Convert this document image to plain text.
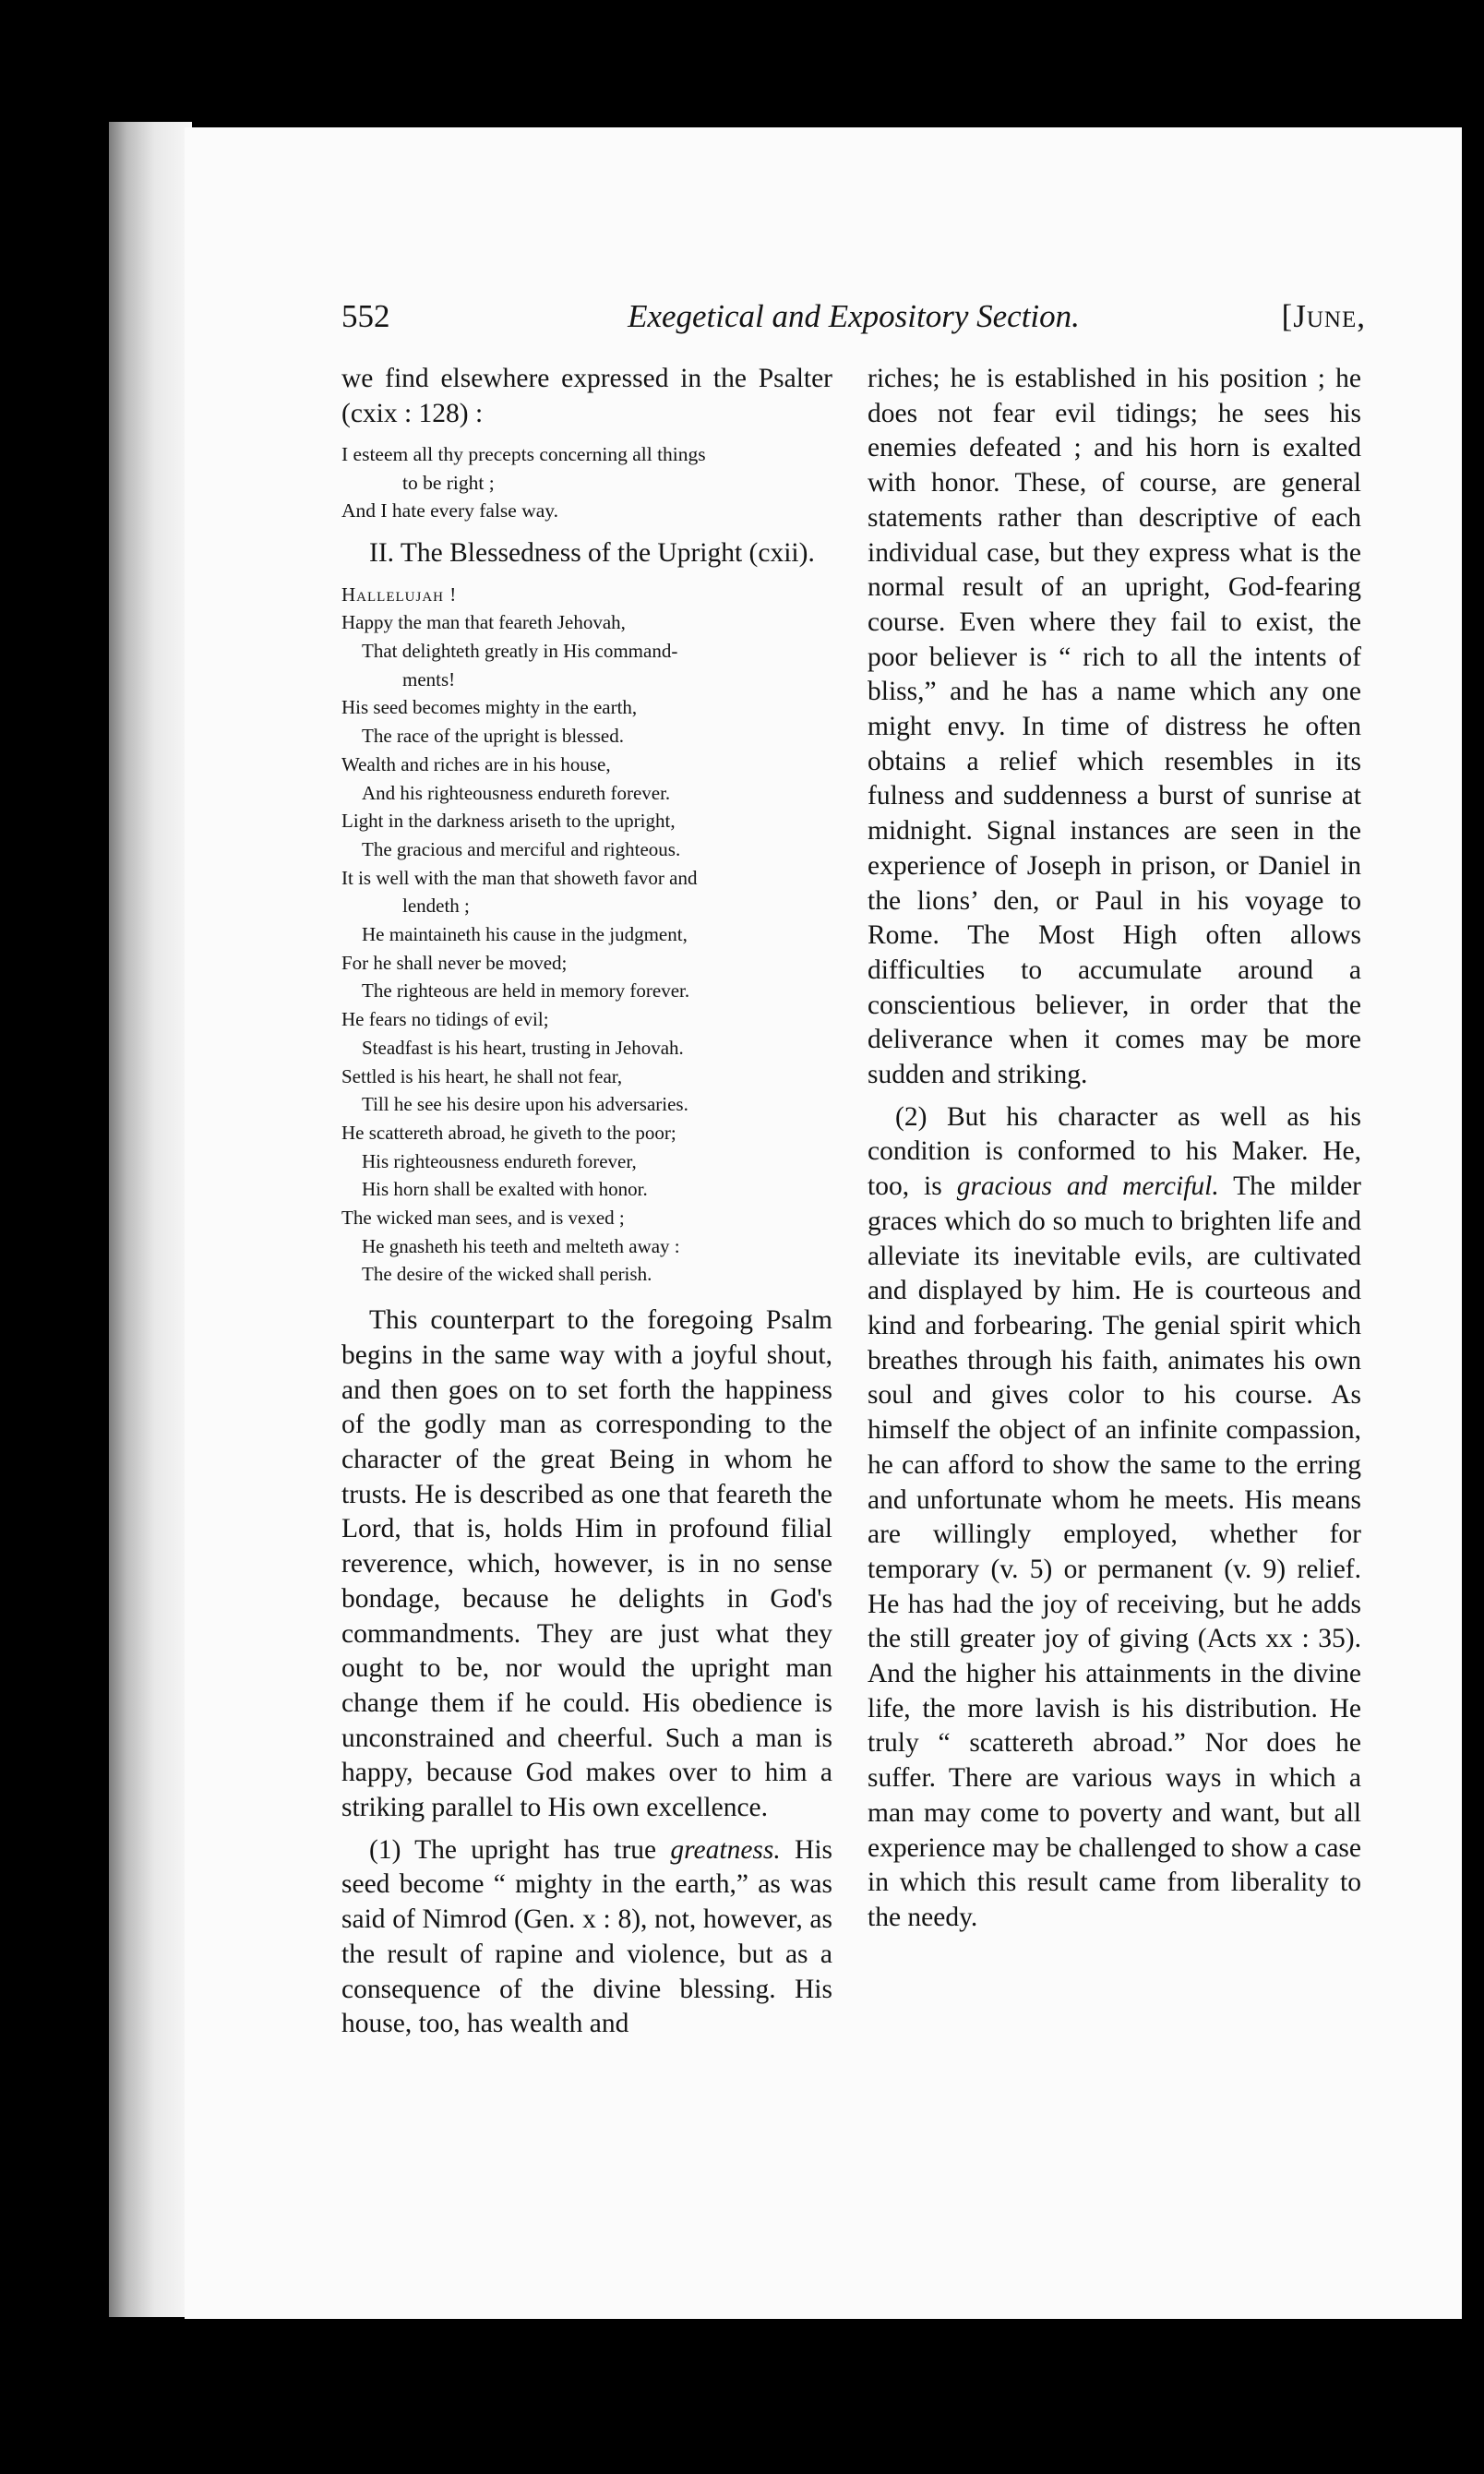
552	Exegetical and Expository Section.	[June,

we find elsewhere expressed in the Psalter (cxix : 128) :

I esteem all thy precepts concerning all things

to be right ;

And I hate every false way.

II. The Blessedness of the Upright (cxii).

Hallelujah !

Happy the man that feareth Jehovah,

That delighteth greatly in His command-

ments!

His seed becomes mighty in the earth,

The race of the upright is blessed.

Wealth and riches are in his house,

And his righteousness endureth forever.

Light in the darkness ariseth to the upright,

The gracious and merciful and righteous.

It is well with the man that showeth favor and

lendeth ;

He maintaineth his cause in the judgment,

For he shall never be moved;

The righteous are held in memory forever.

He fears no tidings of evil;

Steadfast is his heart, trusting in Jehovah.

Settled is his heart, he shall not fear,

Till he see his desire upon his adversaries.

He scattereth abroad, he giveth to the poor;

His righteousness endureth forever,

His horn shall be exalted with honor.

The wicked man sees, and is vexed ;

He gnasheth his teeth and melteth away :

The desire of the wicked shall perish.

This counterpart to the foregoing Psalm begins in the same way with a joyful shout, and then goes on to set forth the happiness of the godly man as corresponding to the character of the great Being in whom he trusts. He is described as one that feareth the Lord, that is, holds Him in profound filial reverence, which, however, is in no sense bondage, because he delights in God's commandments. They are just what they ought to be, nor would the upright man change them if he could. His obedience is unconstrained and cheerful. Such a man is happy, because God makes over to him a striking parallel to His own excellence.

(1) The upright has true greatness. His seed become “ mighty in the earth,” as was said of Nimrod (Gen. x : 8), not, however, as the result of rapine and violence, but as a consequence of the divine blessing. His house, too, has wealth and

riches; he is established in his position ; he does not fear evil tidings; he sees his enemies defeated ; and his horn is exalted with honor. These, of course, are general statements rather than descriptive of each individual case, but they express what is the normal result of an upright, God-fearing course. Even where they fail to exist, the poor believer is “ rich to all the intents of bliss,” and he has a name which any one might envy. In time of distress he often obtains a relief which resembles in its fulness and suddenness a burst of sunrise at midnight. Signal instances are seen in the experience of Joseph in prison, or Daniel in the lions’ den, or Paul in his voyage to Rome. The Most High often allows difficulties to accumulate around a conscientious believer, in order that the deliverance when it comes may be more sudden and striking.

(2) But his character as well as his condition is conformed to his Maker. He, too, is gracious and merciful. The milder graces which do so much to brighten life and alleviate its inevitable evils, are cultivated and displayed by him. He is courteous and kind and forbearing. The genial spirit which breathes through his faith, animates his own soul and gives color to his course. As himself the object of an infinite compassion, he can afford to show the same to the erring and unfortunate whom he meets. His means are willingly employed, whether for temporary (v. 5) or permanent (v. 9) relief. He has had the joy of receiving, but he adds the still greater joy of giving (Acts xx : 35). And the higher his attainments in the divine life, the more lavish is his distribution. He truly “ scattereth abroad.” Nor does he suffer. There are various ways in which a man may come to poverty and want, but all experience may be challenged to show a case in which this result came from liberality to the needy.
